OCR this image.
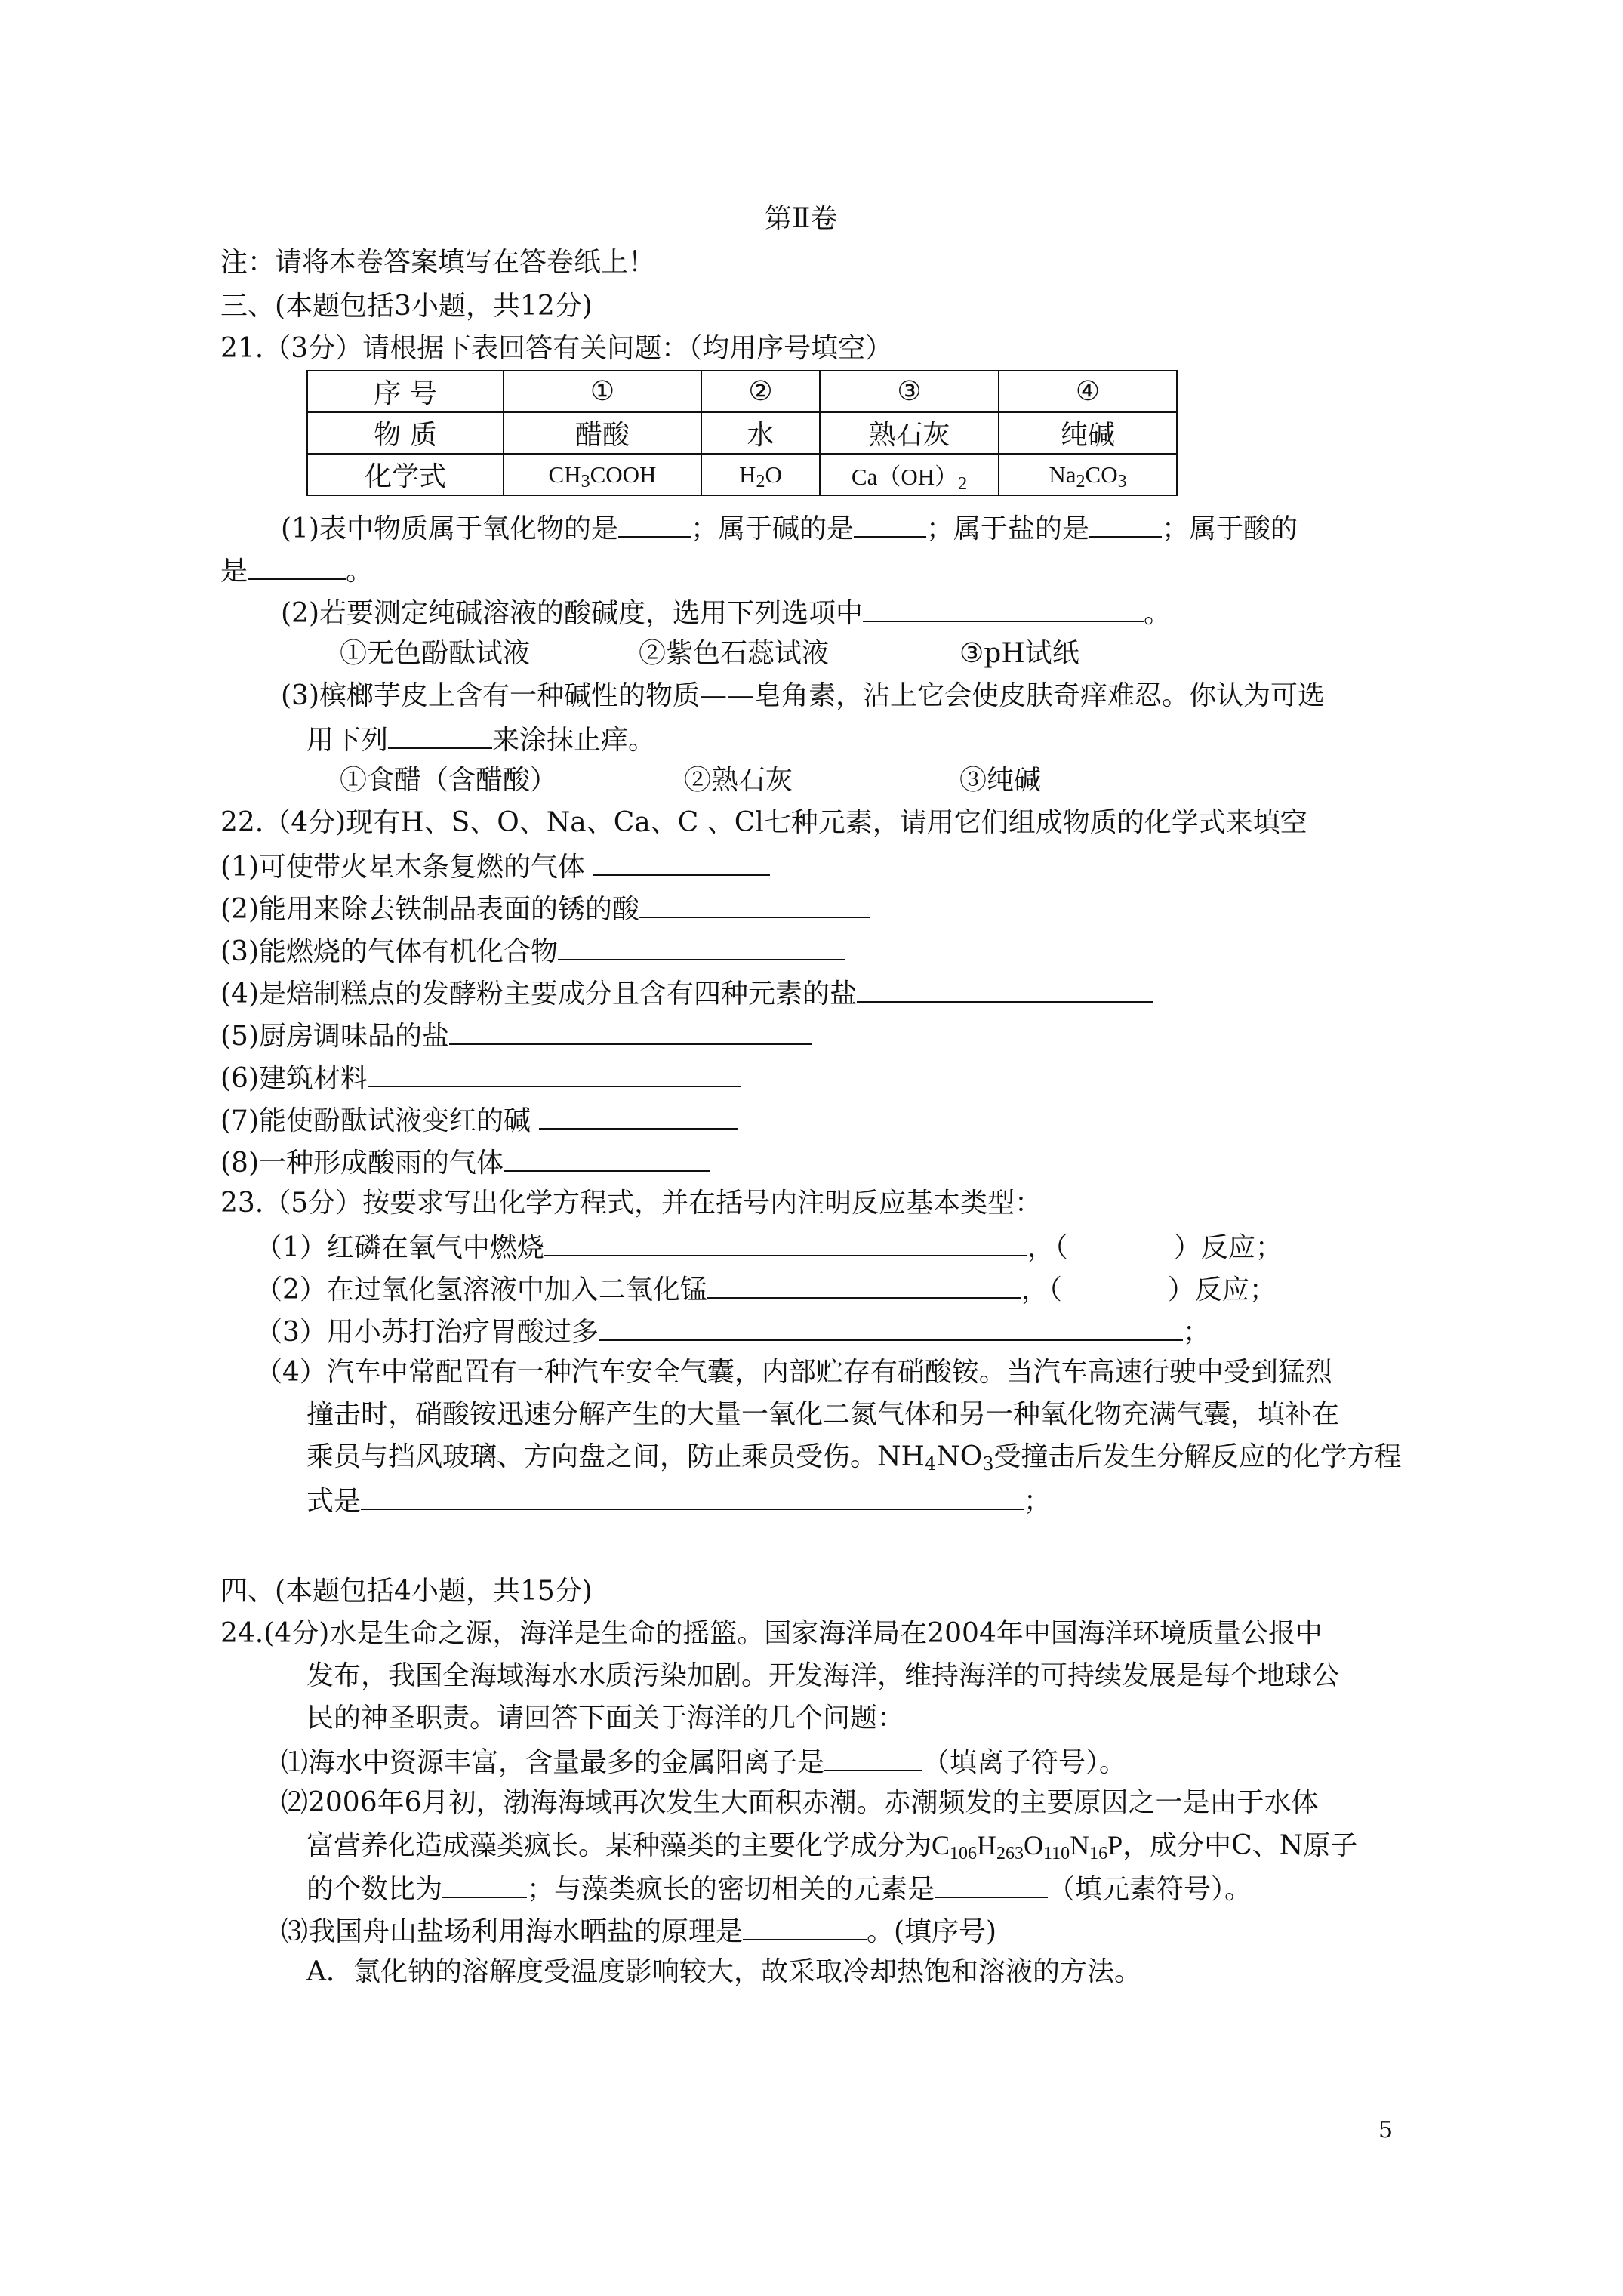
第Ⅱ卷
注：请将本卷答案填写在答卷纸上！
三、(本题包括3小题，共12分)
21.（3分）请根据下表回答有关问题：（均用序号填空）
序 号	①	②	③	④
物 质	醋酸	水	熟石灰	纯碱
化学式	$CH_3COOH$	$H_2O$	$Ca(OH)_2$	$Na_2CO_3$
(1)表中物质属于氧化物的是	；属于碱的是	；属于盐的是	；属于酸的
是	。
(2)若要测定纯碱溶液的酸碱度，选用下列选项中	。
①无色酚酞试液	②紫色石蕊试液	③pH试纸
(3)槟榔芋皮上含有一种碱性的物质——皂角素，沾上它会使皮肤奇痒难忍。你认为可选
用下列	来涂抹止痒。
①食醋（含醋酸）	②熟石灰	③纯碱
22.（4分)现有H、S、O、Na、Ca、C 、Cl七种元素，请用它们组成物质的化学式来填空
(1)可使带火星木条复燃的气体
(2)能用来除去铁制品表面的锈的酸
(3)能燃烧的气体有机化合物
(4)是焙制糕点的发酵粉主要成分且含有四种元素的盐
(5)厨房调味品的盐
(6)建筑材料
(7)能使酚酞试液变红的碱
(8)一种形成酸雨的气体
23.（5分）按要求写出化学方程式，并在括号内注明反应基本类型：
（1）红磷在氧气中燃烧	，（	）反应；
（2）在过氧化氢溶液中加入二氧化锰	，（	）反应；
（3）用小苏打治疗胃酸过多	；
（4）汽车中常配置有一种汽车安全气囊，内部贮存有硝酸铵。当汽车高速行驶中受到猛烈
撞击时，硝酸铵迅速分解产生的大量一氧化二氮气体和另一种氧化物充满气囊，填补在
乘员与挡风玻璃、方向盘之间，防止乘员受伤。$NH_4NO_3$受撞击后发生分解反应的化学方程
式是	；
四、(本题包括4小题，共15分)
24.(4分)水是生命之源，海洋是生命的摇篮。国家海洋局在2004年中国海洋环境质量公报中
发布，我国全海域海水水质污染加剧。开发海洋，维持海洋的可持续发展是每个地球公
民的神圣职责。请回答下面关于海洋的几个问题：
⑴海水中资源丰富，含量最多的金属阳离子是	（填离子符号）。
⑵2006年6月初，渤海海域再次发生大面积赤潮。赤潮频发的主要原因之一是由于水体
富营养化造成藻类疯长。某种藻类的主要化学成分为$C_{106}H_{263}O_{110}N_{16}P$，成分中C、N原子
的个数比为	；与藻类疯长的密切相关的元素是	（填元素符号）。
⑶我国舟山盐场利用海水晒盐的原理是	。(填序号)
A．氯化钠的溶解度受温度影响较大，故采取冷却热饱和溶液的方法。
5
